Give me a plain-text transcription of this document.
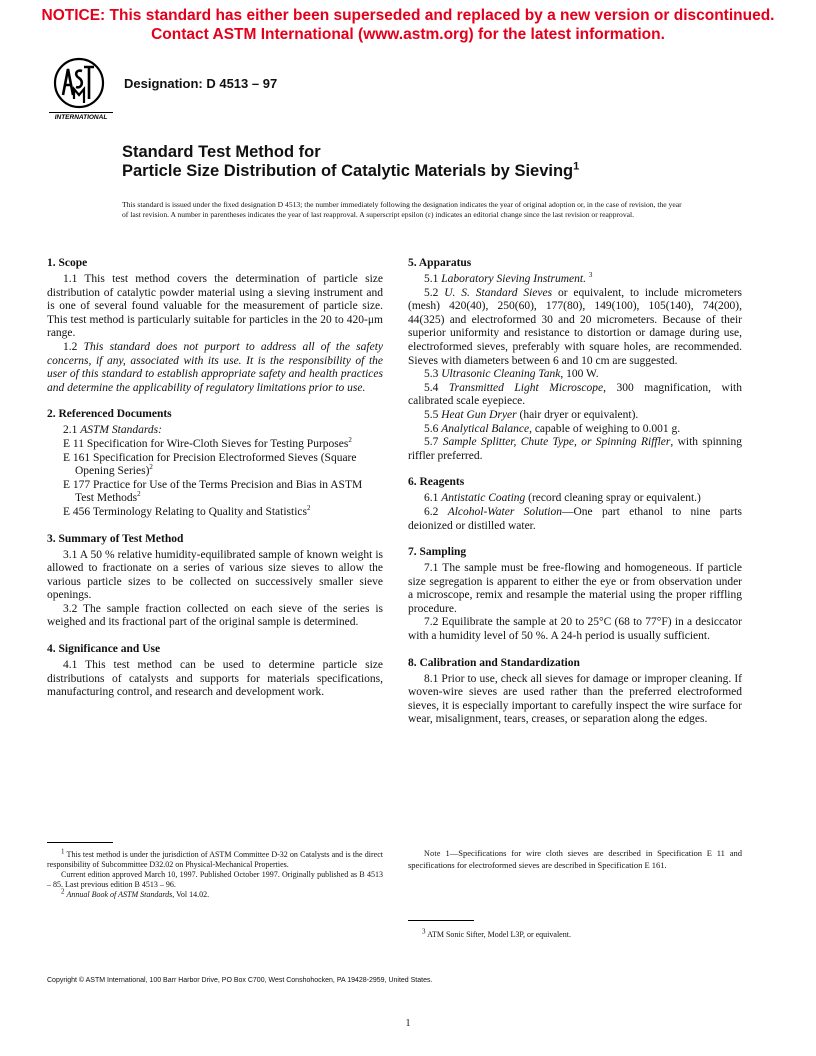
NOTICE: This standard has either been superseded and replaced by a new version or discontinued.
Contact ASTM International (www.astm.org) for the latest information.
INTERNATIONAL
Designation: D 4513 – 97
Standard Test Method for
Particle Size Distribution of Catalytic Materials by Sieving$^1$
This standard is issued under the fixed designation D 4513; the number immediately following the designation indicates the year of original adoption or, in the case of revision, the year of last revision. A number in parentheses indicates the year of last reapproval. A superscript epsilon (ε) indicates an editorial change since the last revision or reapproval.
1. Scope

1.1 This test method covers the determination of particle size distribution of catalytic powder material using a sieving instrument and is one of several found valuable for the measurement of particle size. This test method is particularly suitable for particles in the 20 to 420-μm range.

1.2 This standard does not purport to address all of the safety concerns, if any, associated with its use. It is the responsibility of the user of this standard to establish appropriate safety and health practices and determine the applicability of regulatory limitations prior to use.

2. Referenced Documents

2.1 ASTM Standards:

E 11 Specification for Wire-Cloth Sieves for Testing Purposes$^2$

E 161 Specification for Precision Electroformed Sieves (Square Opening Series)$^2$

E 177 Practice for Use of the Terms Precision and Bias in ASTM Test Methods$^2$

E 456 Terminology Relating to Quality and Statistics$^2$

3. Summary of Test Method

3.1 A 50 % relative humidity-equilibrated sample of known weight is allowed to fractionate on a series of various size sieves to allow the various particle sizes to be collected on successively smaller sieve openings.

3.2 The sample fraction collected on each sieve of the series is weighed and its fractional part of the original sample is determined.

4. Significance and Use

4.1 This test method can be used to determine particle size distributions of catalysts and supports for materials specifications, manufacturing control, and research and development work.

5. Apparatus

5.1 Laboratory Sieving Instrument. $^3$

5.2 U. S. Standard Sieves or equivalent, to include micrometers (mesh) 420(40), 250(60), 177(80), 149(100), 105(140), 74(200), 44(325) and electroformed 30 and 20 micrometers. Because of their superior uniformity and resistance to distortion or damage during use, electroformed sieves, preferably with square holes, are recommended. Sieves with diameters between 6 and 10 cm are suggested.

5.3 Ultrasonic Cleaning Tank, 100 W.

5.4 Transmitted Light Microscope, 300 magnification, with calibrated scale eyepiece.

5.5 Heat Gun Dryer (hair dryer or equivalent).

5.6 Analytical Balance, capable of weighing to 0.001 g.

5.7 Sample Splitter, Chute Type, or Spinning Riffler, with spinning riffler preferred.

6. Reagents

6.1 Antistatic Coating (record cleaning spray or equivalent.)

6.2 Alcohol-Water Solution—One part ethanol to nine parts deionized or distilled water.

7. Sampling

7.1 The sample must be free-flowing and homogeneous. If particle size segregation is apparent to either the eye or from observation under a microscope, remix and resample the material using the proper riffling procedure.

7.2 Equilibrate the sample at 20 to 25°C (68 to 77°F) in a desiccator with a humidity level of 50 %. A 24-h period is usually sufficient.

8. Calibration and Standardization

8.1 Prior to use, check all sieves for damage or improper cleaning. If woven-wire sieves are used rather than the preferred electroformed sieves, it is especially important to carefully inspect the wire surface for wear, misalignment, tears, creases, or separation along the edges.

Note 1—Specifications for wire cloth sieves are described in Specification E 11 and specifications for electroformed sieves are described in Specification E 161.
$^1$ This test method is under the jurisdiction of ASTM Committee D-32 on Catalysts and is the direct responsibility of Subcommittee D32.02 on Physical-Mechanical Properties.
Current edition approved March 10, 1997. Published October 1997. Originally published as B 4513 – 85. Last previous edition B 4513 – 96.
$^2$ Annual Book of ASTM Standards, Vol 14.02.
$^3$ ATM Sonic Sifter, Model L3P, or equivalent.
Copyright © ASTM International, 100 Barr Harbor Drive, PO Box C700, West Conshohocken, PA 19428-2959, United States.
1
